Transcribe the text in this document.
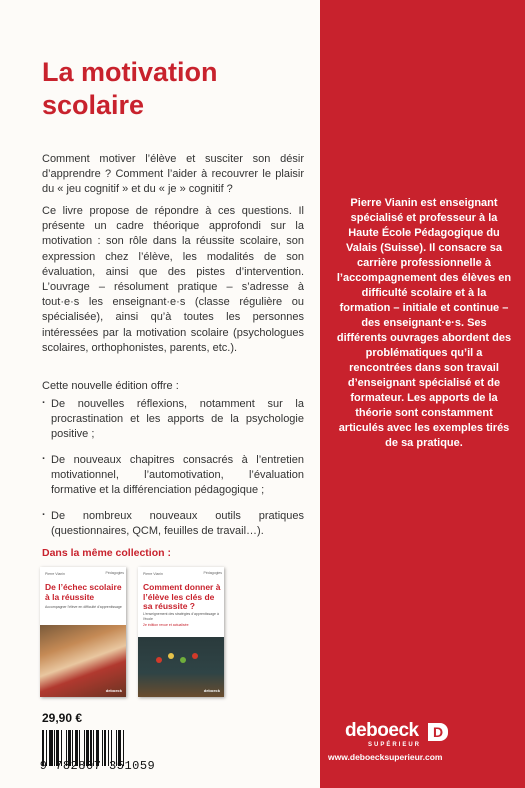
La motivation scolaire

Comment motiver l’élève et susciter son désir d’apprendre ? Comment l’aider à recouvrer le plaisir du « jeu cognitif » et du « je » cognitif ?

Ce livre propose de répondre à ces questions. Il présente un cadre théorique approfondi sur la motivation : son rôle dans la réussite scolaire, son expression chez l’élève, les modalités de son évaluation, ainsi que des pistes d’intervention. L’ouvrage – résolument pratique – s’adresse à tout·e·s les enseignant·e·s (classe régulière ou spécialisée), ainsi qu’à toutes les personnes intéressées par la motivation scolaire (psychologues scolaires, orthophonistes, parents, etc.).

Cette nouvelle édition offre :

· De nouvelles réflexions, notamment sur la procrastination et les apports de la psychologie positive ;

· De nouveaux chapitres consacrés à l’entretien motivationnel, l’automotivation, l’évaluation formative et la différenciation pédagogique ;

· De nombreux nouveaux outils pratiques (questionnaires, QCM, feuilles de travail…).

Dans la même collection :
Pierre Vianin	Pédagogies
De l’échec scolaire à la réussite
Accompagner l’élève en difficulté d’apprentissage
deboeck
Pierre Vianin	Pédagogies
Comment donner à l’élève les clés de sa réussite ?
L’enseignement des stratégies d’apprentissage à l’école
2e édition revue et actualisée
deboeck
29,90 €
9 782807 351059

Pierre Vianin est enseignant spécialisé et professeur à la Haute École Pédagogique du Valais (Suisse). Il consacre sa carrière professionnelle à l’accompagnement des élèves en difficulté scolaire et à la formation – initiale et continue – des enseignant·e·s. Ses différents ouvrages abordent des problématiques qu’il a rencontrées dans son travail d’enseignant spécialisé et de formateur. Les apports de la théorie sont constamment articulés avec les exemples tirés de sa pratique.

deboeck	D
SUPÉRIEUR
www.deboecksuperieur.com
